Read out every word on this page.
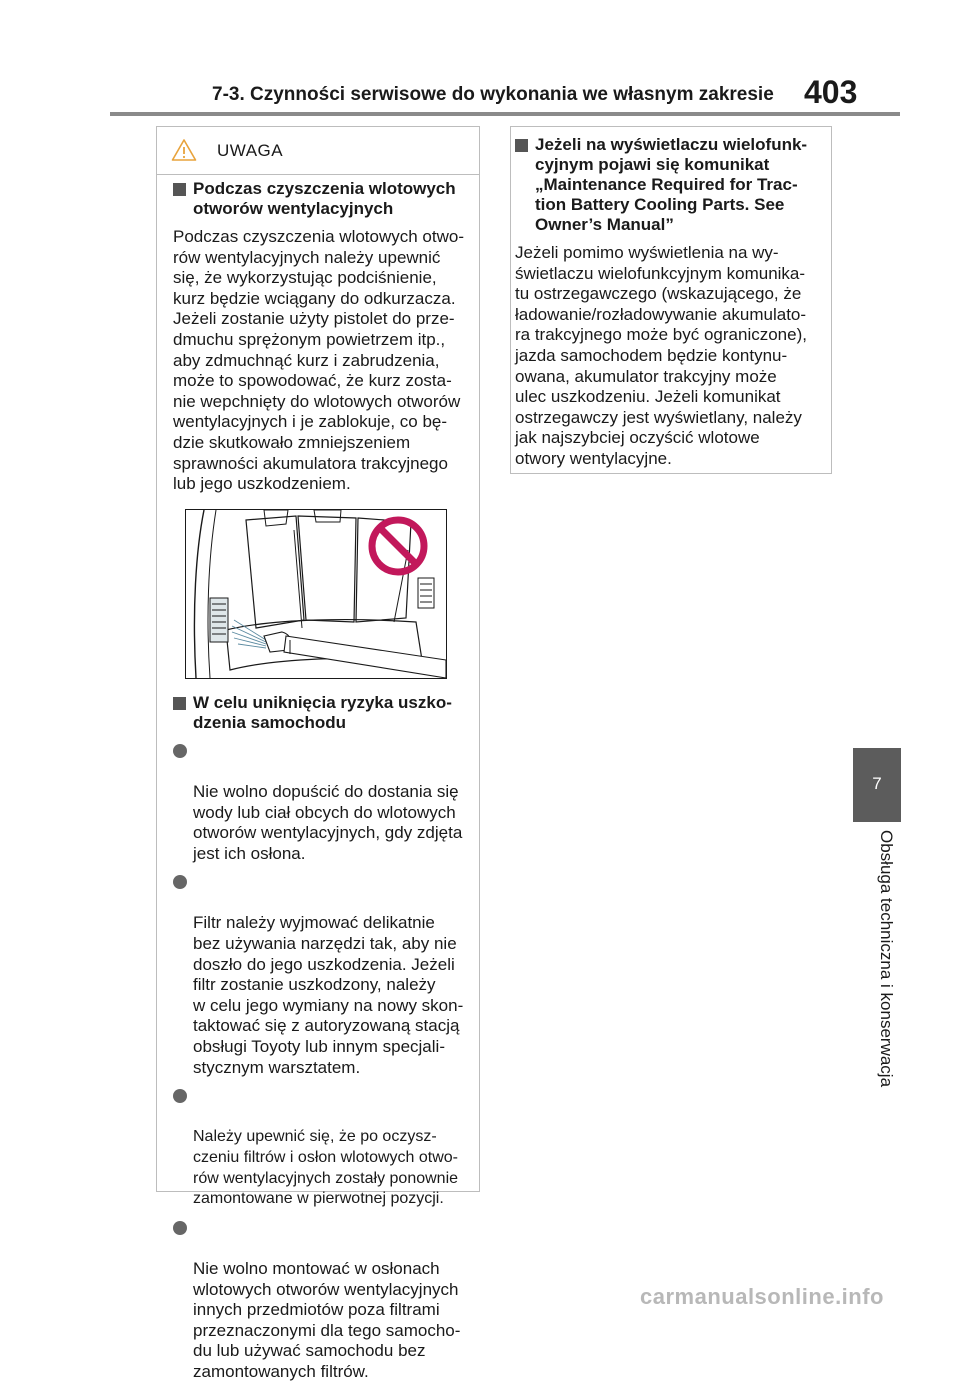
7-3. Czynności serwisowe do wykonania we własnym zakresie 403
UWAGA
Podczas czyszczenia wlotowych otworów wentylacyjnych

Podczas czyszczenia wlotowych otwo-
rów wentylacyjnych należy upewnić
się, że wykorzystując podciśnienie,
kurz będzie wciągany do odkurzacza.
Jeżeli zostanie użyty pistolet do prze-
dmuchu sprężonym powietrzem itp.,
aby zdmuchnąć kurz i zabrudzenia,
może to spowodować, że kurz zosta-
nie wepchnięty do wlotowych otworów
wentylacyjnych i je zablokuje, co bę-
dzie skutkowało zmniejszeniem
sprawności akumulatora trakcyjnego
lub jego uszkodzeniem.

W celu uniknięcia ryzyka uszko-
dzenia samochodu

Nie wolno dopuścić do dostania się
wody lub ciał obcych do wlotowych
otworów wentylacyjnych, gdy zdjęta
jest ich osłona.

Filtr należy wyjmować delikatnie
bez używania narzędzi tak, aby nie
doszło do jego uszkodzenia. Jeżeli
filtr zostanie uszkodzony, należy
w celu jego wymiany na nowy skon-
taktować się z autoryzowaną stacją
obsługi Toyoty lub innym specjali-
stycznym warsztatem.

Należy upewnić się, że po oczysz-
czeniu filtrów i osłon wlotowych otwo-
rów wentylacyjnych zostały ponownie
zamontowane w pierwotnej pozycji.

Nie wolno montować w osłonach
wlotowych otworów wentylacyjnych
innych przedmiotów poza filtrami
przeznaczonymi dla tego samocho-
du lub używać samochodu bez
zamontowanych filtrów.

Jeżeli na wyświetlaczu wielofunk-
cyjnym pojawi się komunikat
„Maintenance Required for Trac-
tion Battery Cooling Parts. See
Owner’s Manual”

Jeżeli pomimo wyświetlenia na wy-
świetlaczu wielofunkcyjnym komunika-
tu ostrzegawczego (wskazującego, że
ładowanie/rozładowywanie akumulato-
ra trakcyjnego może być ograniczone),
jazda samochodem będzie kontynu-
owana, akumulator trakcyjny może
ulec uszkodzeniu. Jeżeli komunikat
ostrzegawczy jest wyświetlany, należy
jak najszybciej oczyścić wlotowe
otwory wentylacyjne.

7
Obsługa techniczna i konserwacja
carmanualsonline.info
